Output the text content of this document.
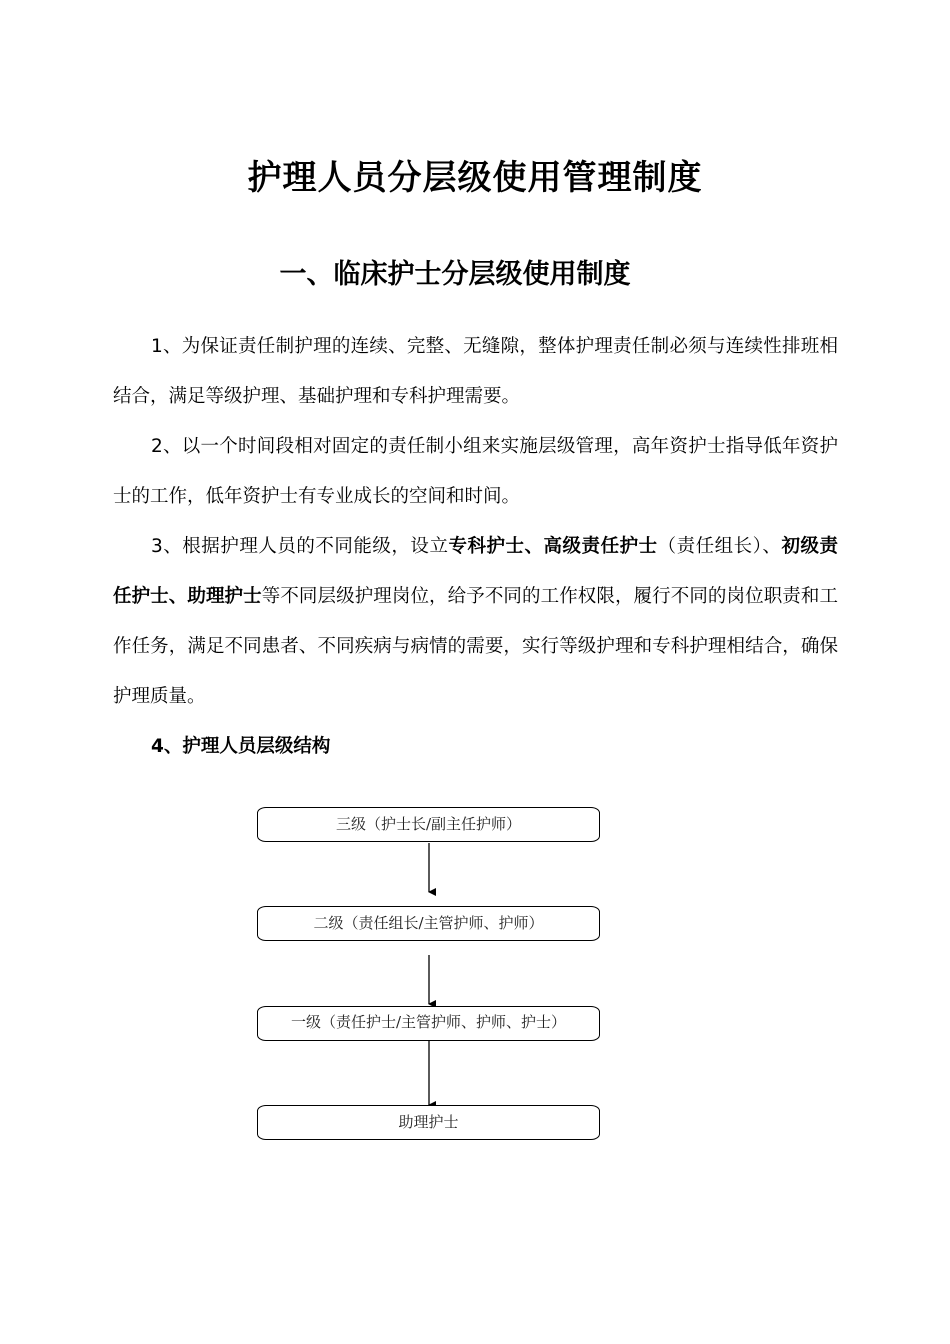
护理人员分层级使用管理制度
一、临床护士分层级使用制度

1、为保证责任制护理的连续、完整、无缝隙，整体护理责任制必须与连续性排班相结合，满足等级护理、基础护理和专科护理需要。

2、以一个时间段相对固定的责任制小组来实施层级管理，高年资护士指导低年资护士的工作，低年资护士有专业成长的空间和时间。

3、根据护理人员的不同能级，设立专科护士、高级责任护士（责任组长）、初级责任护士、助理护士等不同层级护理岗位，给予不同的工作权限，履行不同的岗位职责和工作任务，满足不同患者、不同疾病与病情的需要，实行等级护理和专科护理相结合，确保护理质量。

4、护理人员层级结构

三级（护士长/副主任护师）
二级（责任组长/主管护师、护师）
一级（责任护士/主管护师、护师、护士）
助理护士
